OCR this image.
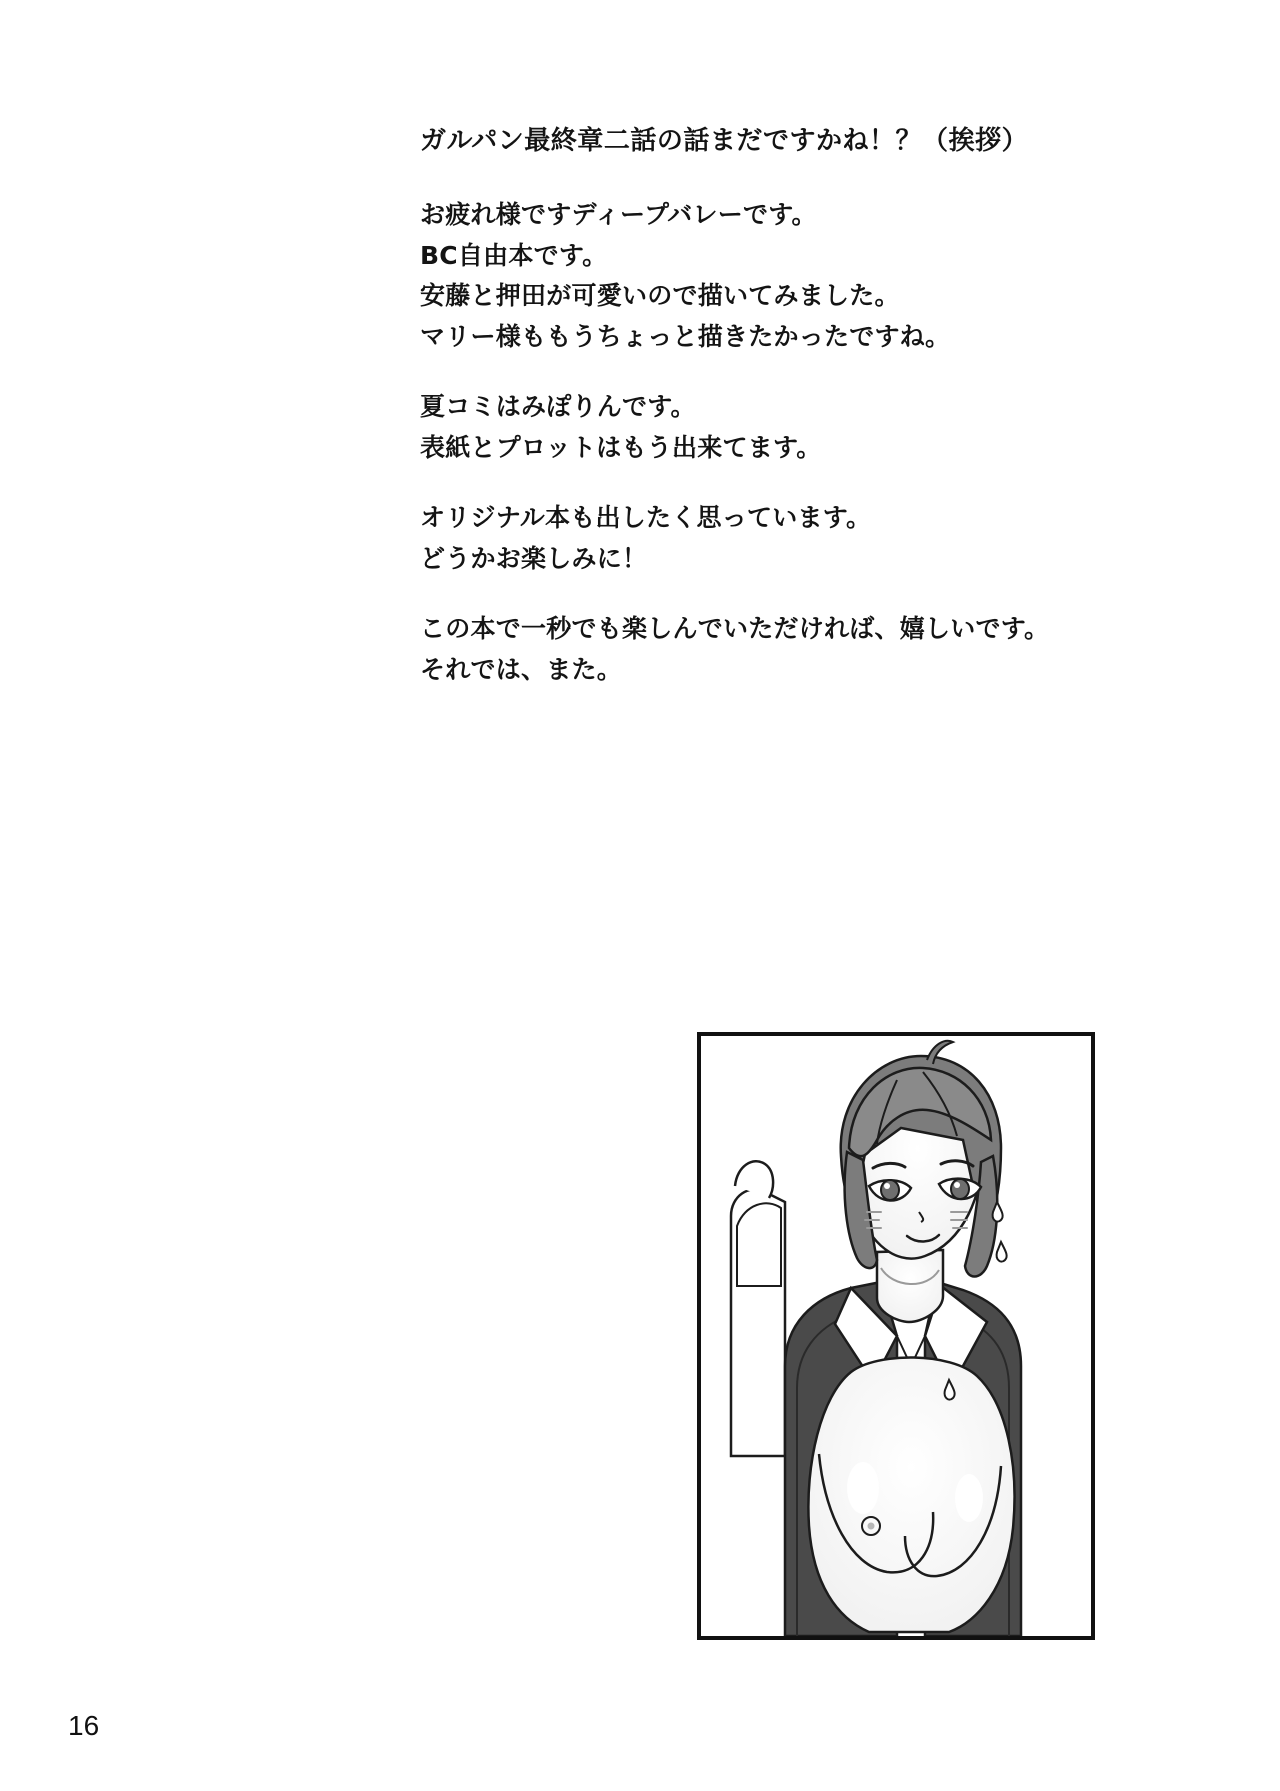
ガルパン最終章二話の話まだですかね！？（挨拶）
お疲れ様ですディープバレーです。
BC自由本です。
安藤と押田が可愛いので描いてみました。
マリー様ももうちょっと描きたかったですね。
夏コミはみぽりんです。
表紙とプロットはもう出来てます。
オリジナル本も出したく思っています。
どうかお楽しみに！
この本で一秒でも楽しんでいただければ、嬉しいです。
それでは、また。
16
